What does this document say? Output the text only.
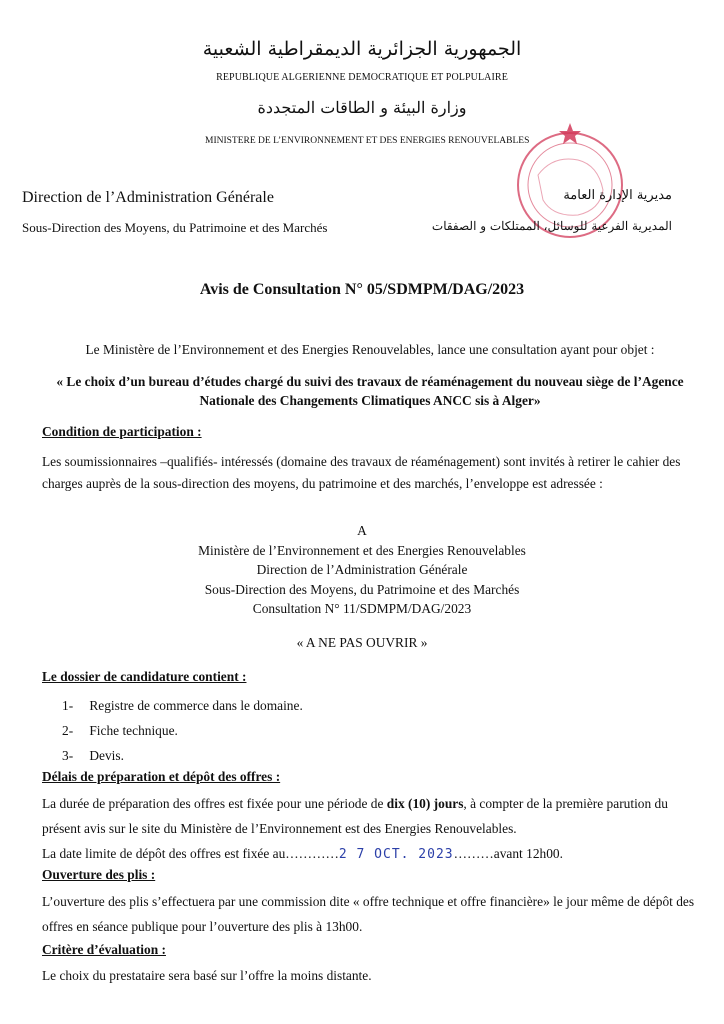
الجمهورية الجزائرية الديمقراطية الشعبية
REPUBLIQUE ALGERIENNE DEMOCRATIQUE ET POLPULAIRE
وزارة البيئة و الطاقات المتجددة
MINISTERE DE L’ENVIRONNEMENT ET DES ENERGIES RENOUVELABLES
Direction de l’Administration Générale
Sous-Direction des Moyens, du Patrimoine et des Marchés
مديرية الإدارة العامة
المديرية الفرعية للوسائل، الممتلكات و الصفقات
Avis de Consultation N° 05/SDMPM/DAG/2023
Le Ministère de l’Environnement et des Energies Renouvelables, lance une consultation ayant pour objet :
« Le choix d’un bureau d’études chargé du suivi des travaux de réaménagement du nouveau siège de l’Agence Nationale des Changements Climatiques ANCC sis à Alger»
Condition de participation :
Les soumissionnaires –qualifiés- intéressés (domaine des travaux de réaménagement) sont invités à retirer le cahier des charges auprès de la sous-direction des moyens, du patrimoine et des marchés, l’enveloppe est adressée :
A
Ministère de l’Environnement et des Energies Renouvelables
Direction de l’Administration Générale
Sous-Direction des Moyens, du Patrimoine et des Marchés
Consultation N° 11/SDMPM/DAG/2023
« A NE PAS OUVRIR »
Le dossier de candidature contient :
1- Registre de commerce dans le domaine.
2- Fiche technique.
3- Devis.
Délais de préparation et dépôt des offres :
La durée de préparation des offres est fixée pour une période de dix (10) jours, à compter de la première parution du présent avis sur le site du Ministère de l’Environnement est des Energies Renouvelables.
La date limite de dépôt des offres est fixée au…………2 7 OCT. 2023………avant 12h00.
Ouverture des plis :
L’ouverture des plis s’effectuera par une commission dite « offre technique et offre financière» le jour même de dépôt des offres en séance publique pour l’ouverture des plis à 13h00.
Critère d’évaluation :
Le choix du prestataire sera basé sur l’offre la moins distante.
